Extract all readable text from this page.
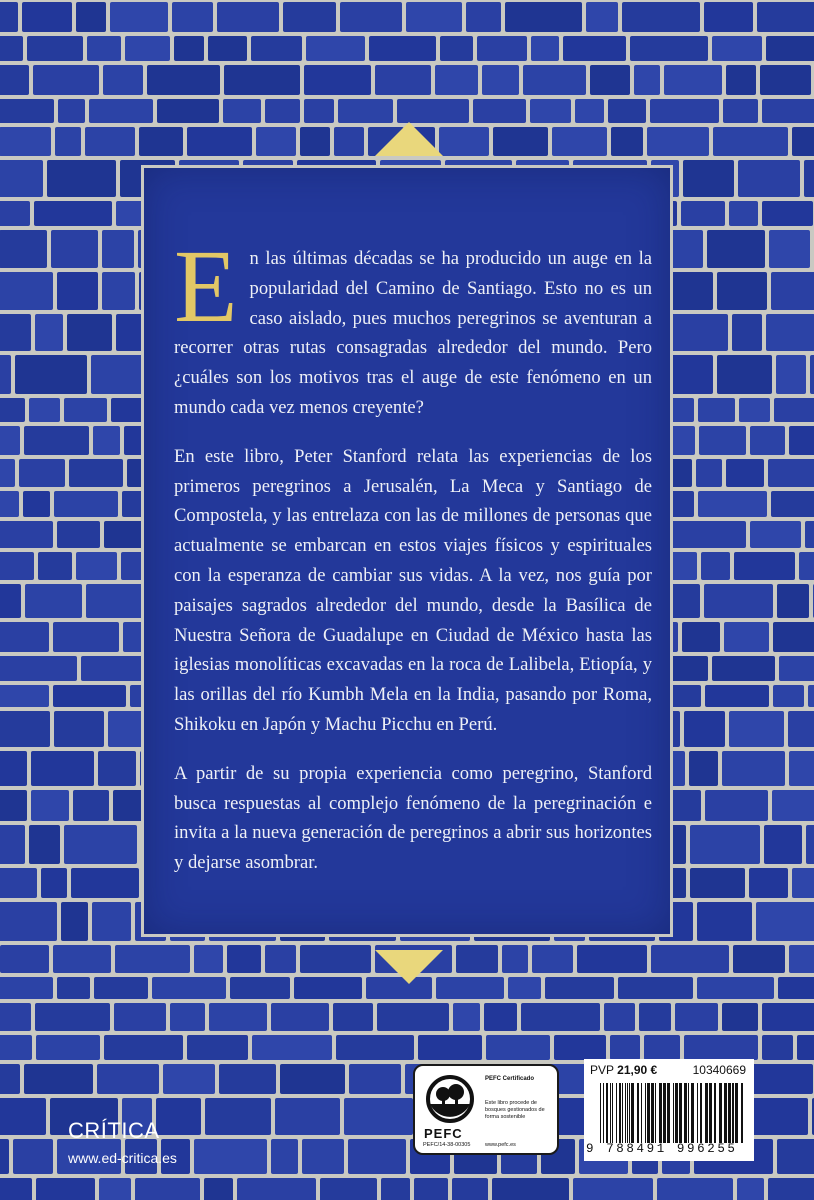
En las últimas décadas se ha producido un auge en la popularidad del Camino de Santiago. Esto no es un caso aislado, pues muchos peregrinos se aventuran a recorrer otras rutas consagradas alrededor del mundo. Pero ¿cuáles son los motivos tras el auge de este fenómeno en un mundo cada vez menos creyente?

En este libro, Peter Stanford relata las experiencias de los primeros peregrinos a Jerusalén, La Meca y Santiago de Compostela, y las entrelaza con las de millones de personas que actualmente se embarcan en estos viajes físicos y espirituales con la esperanza de cambiar sus vidas. A la vez, nos guía por paisajes sagrados alrededor del mundo, desde la Basílica de Nuestra Señora de Guadalupe en Ciudad de México hasta las iglesias monolíticas excavadas en la roca de Lalibela, Etiopía, y las orillas del río Kumbh Mela en la India, pasando por Roma, Shikoku en Japón y Machu Picchu en Perú.

A partir de su propia experiencia como peregrino, Stanford busca respuestas al complejo fenómeno de la peregrinación e invita a la nueva generación de peregrinos a abrir sus horizontes y dejarse asombrar.

CRÍTICA
www.ed-critica.es
PEFC
PEFC/14-38-00305
PEFC Certificado
Este libro procede de bosques gestionados de forma sostenible
www.pefc.es
PVP 21,90 €	10340669
9 788491 996255
